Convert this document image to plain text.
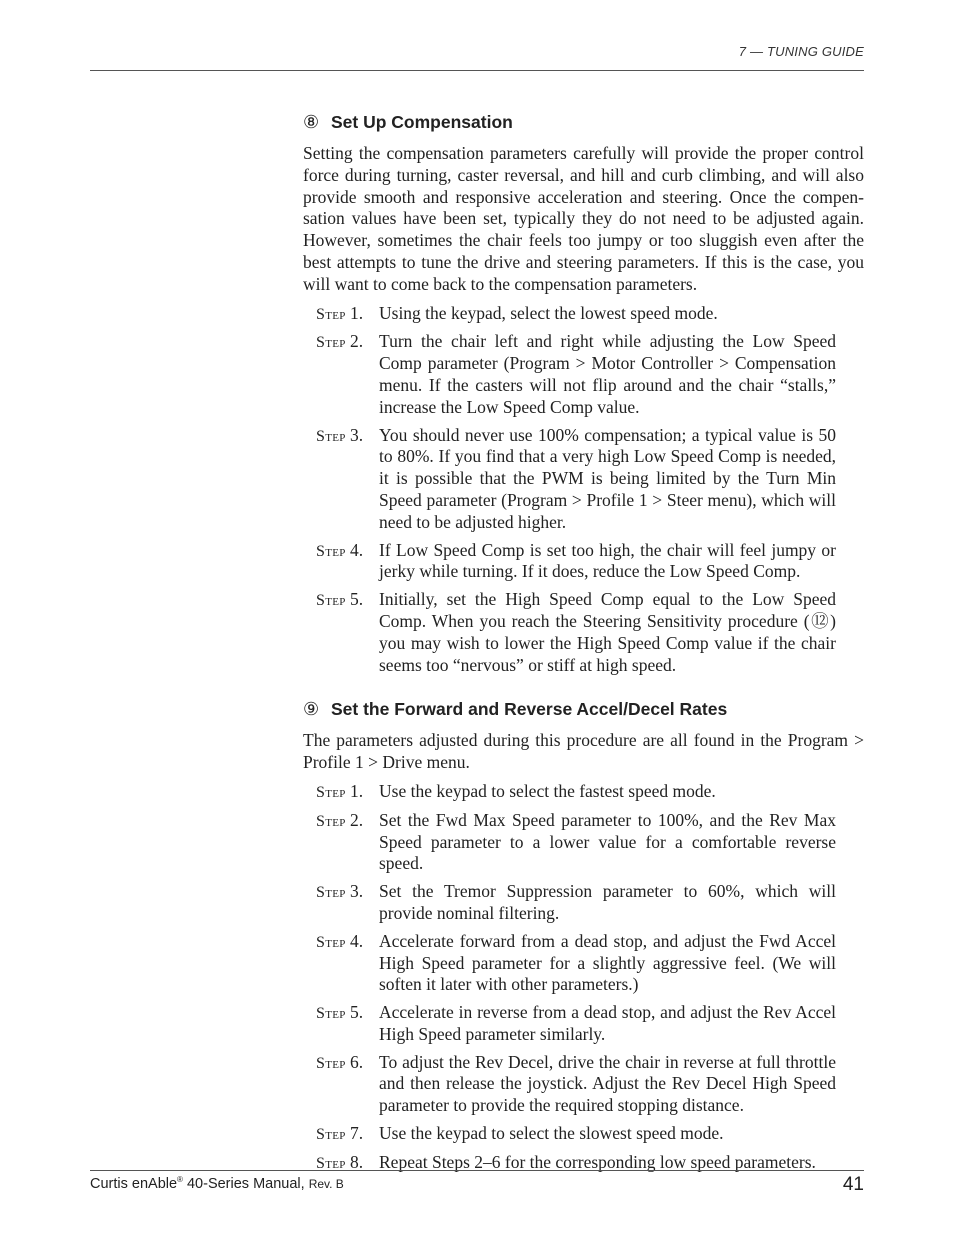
7 — TUNING GUIDE
⑧ Set Up Compensation

Setting the compensation parameters carefully will provide the proper control force during turning, caster reversal, and hill and curb climbing, and will also provide smooth and responsive acceleration and steering. Once the compensation values have been set, typically they do not need to be adjusted again. However, sometimes the chair feels too jumpy or too sluggish even after the best attempts to tune the drive and steering parameters. If this is the case, you will want to come back to the compensation parameters.

Step 1. Using the keypad, select the lowest speed mode.
Step 2. Turn the chair left and right while adjusting the Low Speed Comp parameter (Program > Motor Controller > Compensation menu. If the casters will not flip around and the chair “stalls,” increase the Low Speed Comp value.
Step 3. You should never use 100% compensation; a typical value is 50 to 80%. If you find that a very high Low Speed Comp is needed, it is possible that the PWM is being limited by the Turn Min Speed parameter (Program > Profile 1 > Steer menu), which will need to be adjusted higher.
Step 4. If Low Speed Comp is set too high, the chair will feel jumpy or jerky while turning. If it does, reduce the Low Speed Comp.
Step 5. Initially, set the High Speed Comp equal to the Low Speed Comp. When you reach the Steering Sensitivity procedure (⑫) you may wish to lower the High Speed Comp value if the chair seems too “nervous” or stiff at high speed.
⑨ Set the Forward and Reverse Accel/Decel Rates

The parameters adjusted during this procedure are all found in the Program > Profile 1 > Drive menu.

Step 1. Use the keypad to select the fastest speed mode.
Step 2. Set the Fwd Max Speed parameter to 100%, and the Rev Max Speed parameter to a lower value for a comfortable reverse speed.
Step 3. Set the Tremor Suppression parameter to 60%, which will provide nominal filtering.
Step 4. Accelerate forward from a dead stop, and adjust the Fwd Accel High Speed parameter for a slightly aggressive feel. (We will soften it later with other parameters.)
Step 5. Accelerate in reverse from a dead stop, and adjust the Rev Accel High Speed parameter similarly.
Step 6. To adjust the Rev Decel, drive the chair in reverse at full throttle and then release the joystick. Adjust the Rev Decel High Speed parameter to provide the required stopping distance.
Step 7. Use the keypad to select the slowest speed mode.
Step 8. Repeat Steps 2–6 for the corresponding low speed parameters.
Curtis enAble® 40-Series Manual, Rev. B	41
